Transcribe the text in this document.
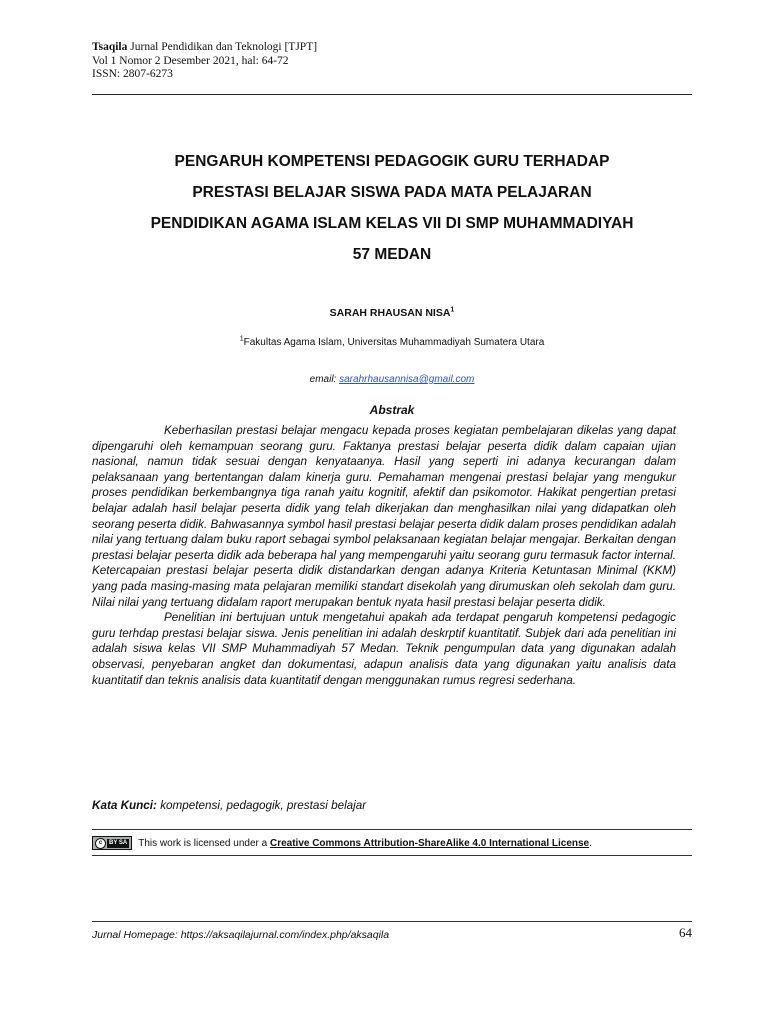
Tsaqila Jurnal Pendidikan dan Teknologi [TJPT]
Vol 1 Nomor 2 Desember 2021, hal: 64-72
ISSN: 2807-6273
PENGARUH KOMPETENSI PEDAGOGIK GURU TERHADAP
PRESTASI BELAJAR SISWA PADA MATA PELAJARAN
PENDIDIKAN AGAMA ISLAM KELAS VII DI SMP MUHAMMADIYAH
57 MEDAN
SARAH RHAUSAN NISA$^1$
$^1$Fakultas Agama Islam, Universitas Muhammadiyah Sumatera Utara
email: sarahrhausannisa@gmail.com
Abstrak

Keberhasilan prestasi belajar mengacu kepada proses kegiatan pembelajaran dikelas yang dapat dipengaruhi oleh kemampuan seorang guru. Faktanya prestasi belajar peserta didik dalam capaian ujian nasional, namun tidak sesuai dengan kenyataanya. Hasil yang seperti ini adanya kecurangan dalam pelaksanaan yang bertentangan dalam kinerja guru. Pemahaman mengenai prestasi belajar yang mengukur proses pendidikan berkembangnya tiga ranah yaitu kognitif, afektif dan psikomotor. Hakikat pengertian pretasi belajar adalah hasil belajar peserta didik yang telah dikerjakan dan menghasilkan nilai yang didapatkan oleh seorang peserta didik. Bahwasannya symbol hasil prestasi belajar peserta didik dalam proses pendidikan adalah nilai yang tertuang dalam buku raport sebagai symbol pelaksanaan kegiatan belajar mengajar. Berkaitan dengan prestasi belajar peserta didik ada beberapa hal yang mempengaruhi yaitu seorang guru termasuk factor internal. Ketercapaian prestasi belajar peserta didik distandarkan dengan adanya Kriteria Ketuntasan Minimal (KKM) yang pada masing-masing mata pelajaran memiliki standart disekolah yang dirumuskan oleh sekolah dam guru. Nilai nilai yang tertuang didalam raport merupakan bentuk nyata hasil prestasi belajar peserta didik.

Penelitian ini bertujuan untuk mengetahui apakah ada terdapat pengaruh kompetensi pedagogic guru terhdap prestasi belajar siswa. Jenis penelitian ini adalah deskrptif kuantitatif. Subjek dari ada penelitian ini adalah siswa kelas VII SMP Muhammadiyah 57 Medan. Teknik pengumpulan data yang digunakan adalah observasi, penyebaran angket dan dokumentasi, adapun analisis data yang digunakan yaitu analisis data kuantitatif dan teknis analisis data kuantitatif dengan menggunakan rumus regresi sederhana.

Kata Kunci: kompetensi, pedagogik, prestasi belajar
c	BY SA This work is licensed under a
Creative Commons Attribution-ShareAlike 4.0 International License .
Jurnal Homepage: https://aksaqilajurnal.com/index.php/aksaqila	64
